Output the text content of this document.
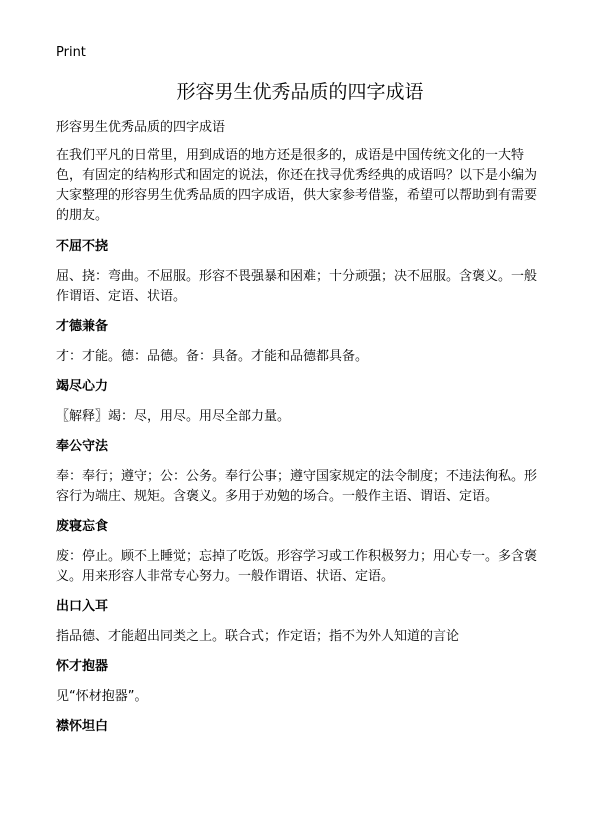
Print
形容男生优秀品质的四字成语

形容男生优秀品质的四字成语

在我们平凡的日常里，用到成语的地方还是很多的，成语是中国传统文化的一大特色，有固定的结构形式和固定的说法，你还在找寻优秀经典的成语吗？以下是小编为大家整理的形容男生优秀品质的四字成语，供大家参考借鉴，希望可以帮助到有需要的朋友。

不屈不挠

屈、挠：弯曲。不屈服。形容不畏强暴和困难；十分顽强；决不屈服。含褒义。一般作谓语、定语、状语。

才德兼备

才：才能。德：品德。备：具备。才能和品德都具备。

竭尽心力

〖解释〗竭：尽，用尽。用尽全部力量。

奉公守法

奉：奉行；遵守；公：公务。奉行公事；遵守国家规定的法令制度；不违法徇私。形容行为端庄、规矩。含褒义。多用于劝勉的场合。一般作主语、谓语、定语。

废寝忘食

废：停止。顾不上睡觉；忘掉了吃饭。形容学习或工作积极努力；用心专一。多含褒义。用来形容人非常专心努力。一般作谓语、状语、定语。

出口入耳

指品德、才能超出同类之上。联合式；作定语；指不为外人知道的言论

怀才抱器

见“怀材抱器”。

襟怀坦白
